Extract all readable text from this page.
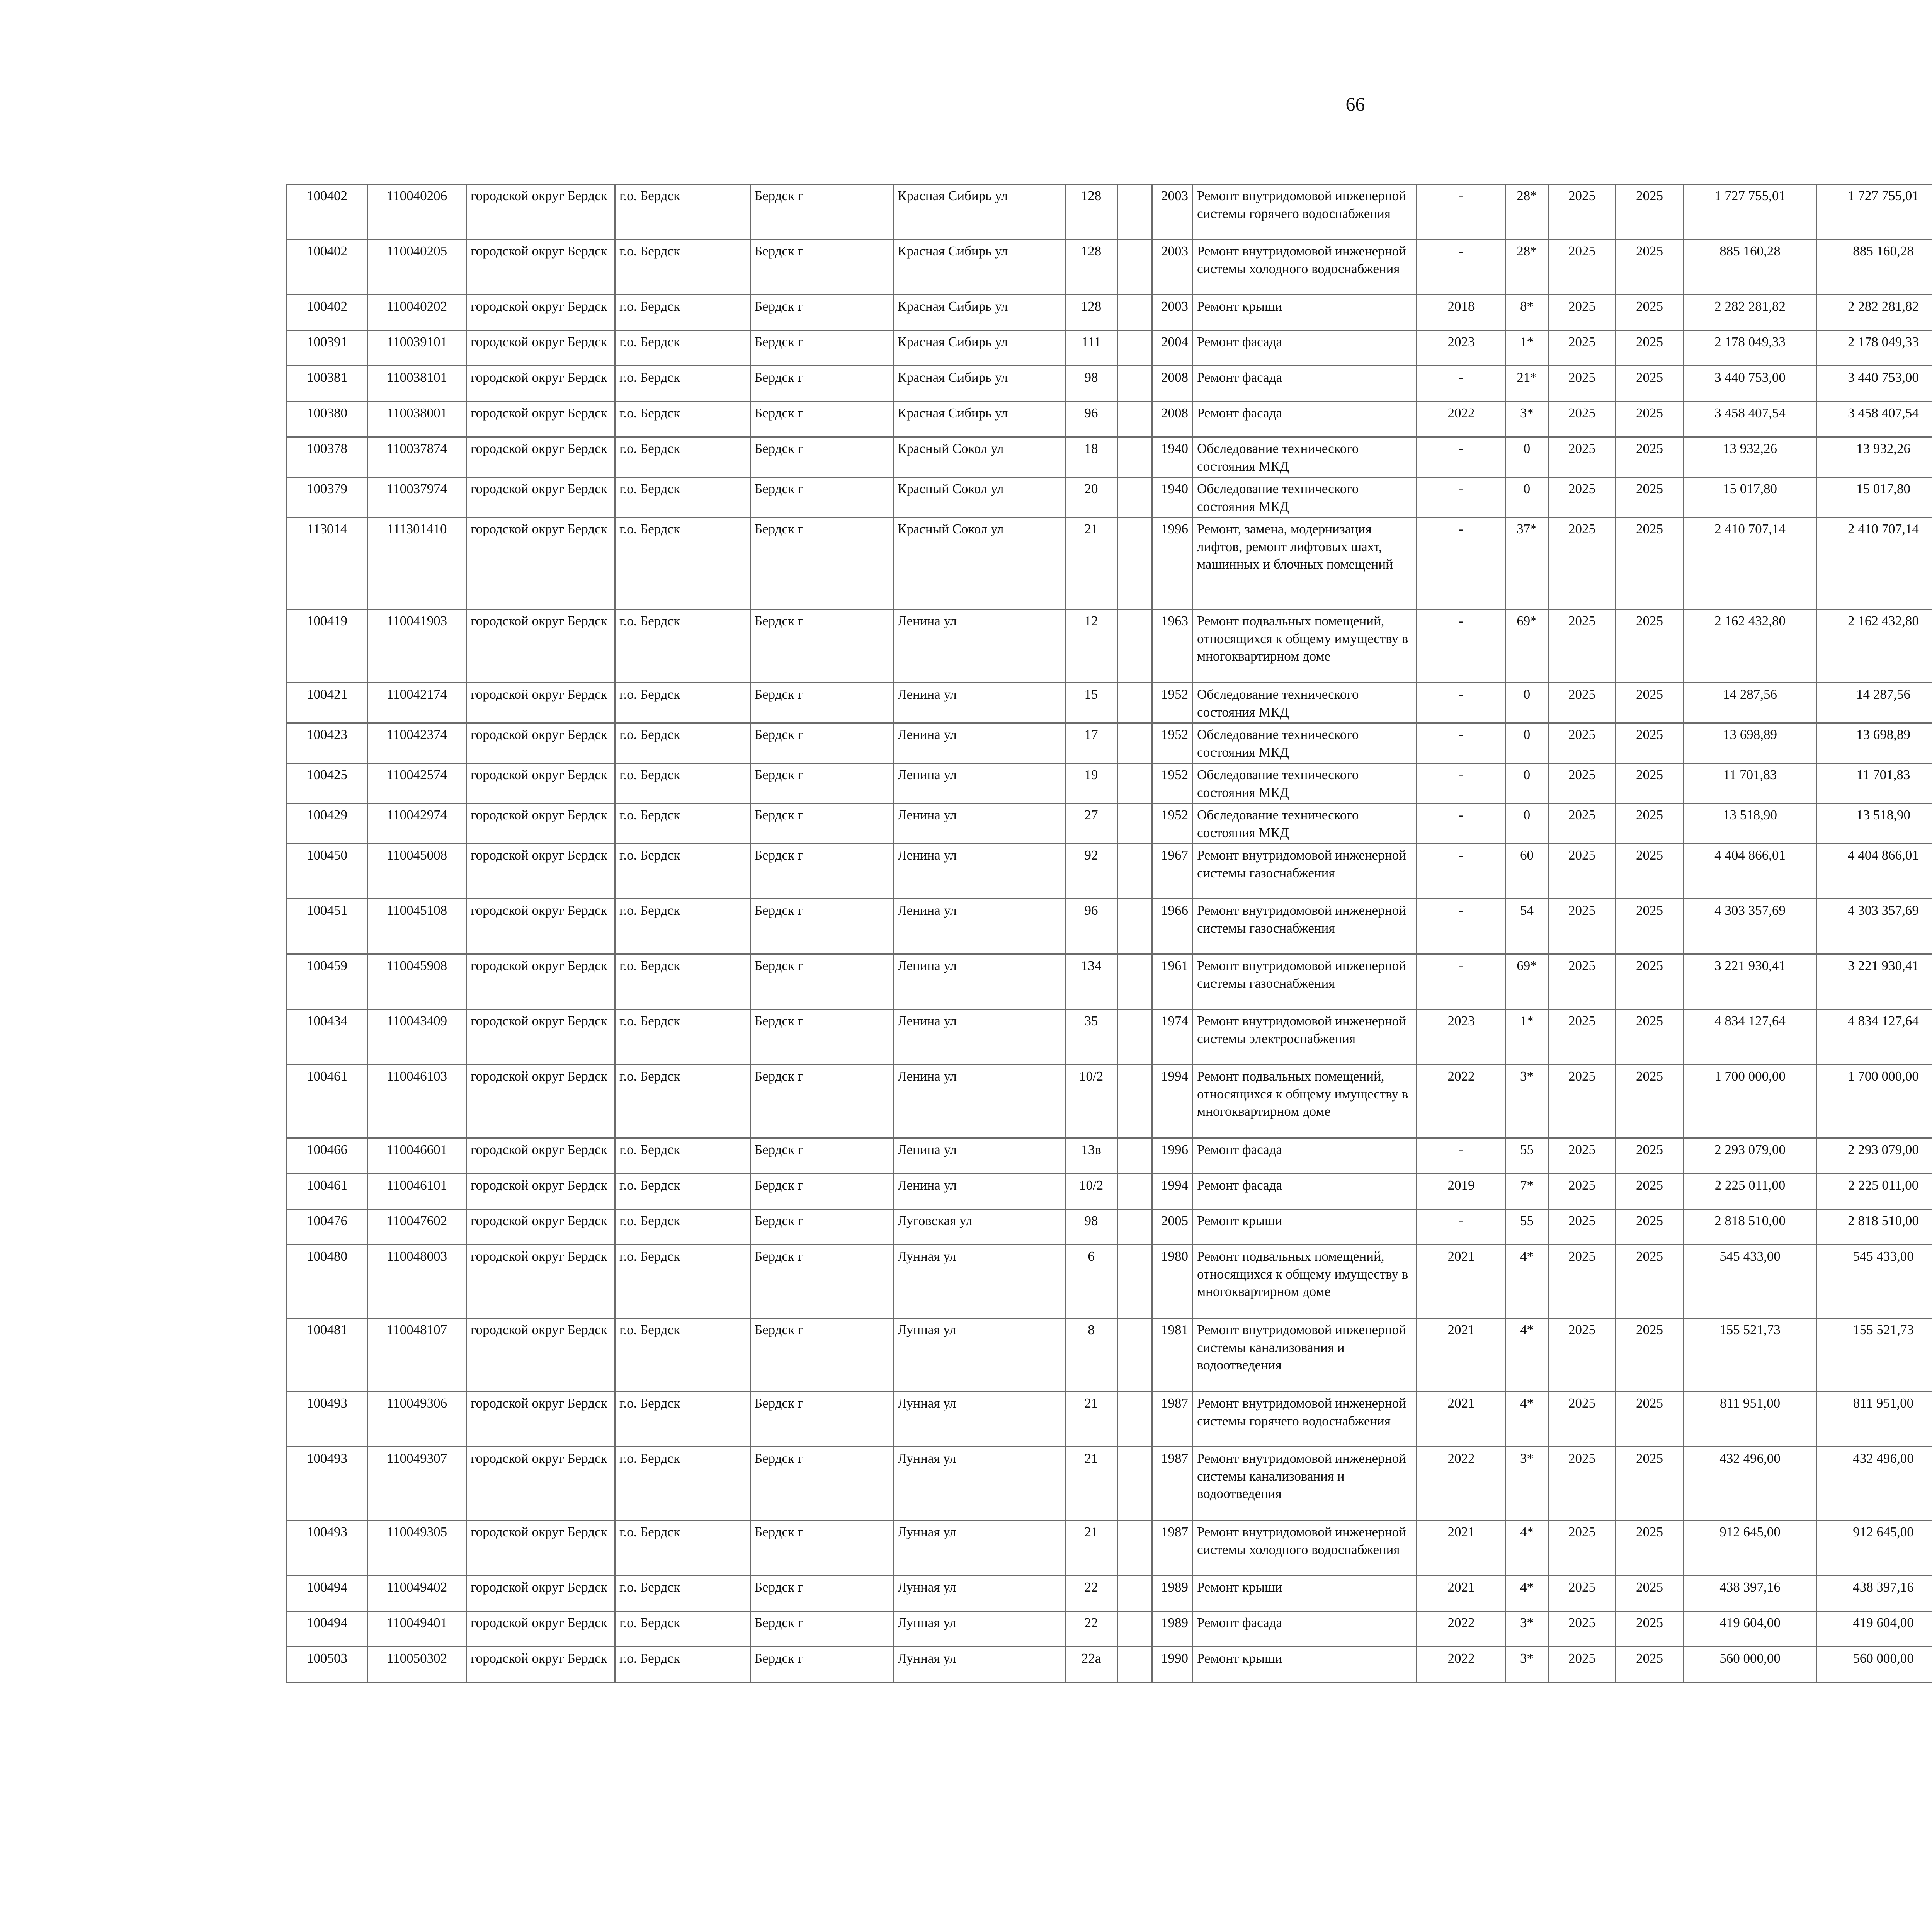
66
100402	110040206	городской округ Бердск	г.о. Бердск	Бердск г	Красная Сибирь ул	128		2003	Ремонт внутридомовой инженерной системы горячего водоснабжения	-	28*	2025	2025	1 727 755,01	1 727 755,01						
100402	110040205	городской округ Бердск	г.о. Бердск	Бердск г	Красная Сибирь ул	128		2003	Ремонт внутридомовой инженерной системы холодного водоснабжения	-	28*	2025	2025	885 160,28	885 160,28						
100402	110040202	городской округ Бердск	г.о. Бердск	Бердск г	Красная Сибирь ул	128		2003	Ремонт крыши	2018	8*	2025	2025	2 282 281,82	2 282 281,82						
100391	110039101	городской округ Бердск	г.о. Бердск	Бердск г	Красная Сибирь ул	111		2004	Ремонт фасада	2023	1*	2025	2025	2 178 049,33	2 178 049,33						
100381	110038101	городской округ Бердск	г.о. Бердск	Бердск г	Красная Сибирь ул	98		2008	Ремонт фасада	-	21*	2025	2025	3 440 753,00	3 440 753,00						
100380	110038001	городской округ Бердск	г.о. Бердск	Бердск г	Красная Сибирь ул	96		2008	Ремонт фасада	2022	3*	2025	2025	3 458 407,54	3 458 407,54						
100378	110037874	городской округ Бердск	г.о. Бердск	Бердск г	Красный Сокол ул	18		1940	Обследование технического состояния МКД	-	0	2025	2025	13 932,26	13 932,26						
100379	110037974	городской округ Бердск	г.о. Бердск	Бердск г	Красный Сокол ул	20		1940	Обследование технического состояния МКД	-	0	2025	2025	15 017,80	15 017,80						
113014	111301410	городской округ Бердск	г.о. Бердск	Бердск г	Красный Сокол ул	21		1996	Ремонт, замена, модернизация лифтов, ремонт лифтовых шахт, машинных и блочных помещений	-	37*	2025	2025	2 410 707,14	2 410 707,14						
100419	110041903	городской округ Бердск	г.о. Бердск	Бердск г	Ленина ул	12		1963	Ремонт подвальных помещений, относящихся к общему имуществу в многоквартирном доме	-	69*	2025	2025	2 162 432,80	2 162 432,80						
100421	110042174	городской округ Бердск	г.о. Бердск	Бердск г	Ленина ул	15		1952	Обследование технического состояния МКД	-	0	2025	2025	14 287,56	14 287,56						
100423	110042374	городской округ Бердск	г.о. Бердск	Бердск г	Ленина ул	17		1952	Обследование технического состояния МКД	-	0	2025	2025	13 698,89	13 698,89						
100425	110042574	городской округ Бердск	г.о. Бердск	Бердск г	Ленина ул	19		1952	Обследование технического состояния МКД	-	0	2025	2025	11 701,83	11 701,83						
100429	110042974	городской округ Бердск	г.о. Бердск	Бердск г	Ленина ул	27		1952	Обследование технического состояния МКД	-	0	2025	2025	13 518,90	13 518,90						
100450	110045008	городской округ Бердск	г.о. Бердск	Бердск г	Ленина ул	92		1967	Ремонт внутридомовой инженерной системы газоснабжения	-	60	2025	2025	4 404 866,01	4 404 866,01						
100451	110045108	городской округ Бердск	г.о. Бердск	Бердск г	Ленина ул	96		1966	Ремонт внутридомовой инженерной системы газоснабжения	-	54	2025	2025	4 303 357,69	4 303 357,69						
100459	110045908	городской округ Бердск	г.о. Бердск	Бердск г	Ленина ул	134		1961	Ремонт внутридомовой инженерной системы газоснабжения	-	69*	2025	2025	3 221 930,41	3 221 930,41						
100434	110043409	городской округ Бердск	г.о. Бердск	Бердск г	Ленина ул	35		1974	Ремонт внутридомовой инженерной системы электроснабжения	2023	1*	2025	2025	4 834 127,64	4 834 127,64						
100461	110046103	городской округ Бердск	г.о. Бердск	Бердск г	Ленина ул	10/2		1994	Ремонт подвальных помещений, относящихся к общему имуществу в многоквартирном доме	2022	3*	2025	2025	1 700 000,00	1 700 000,00						
100466	110046601	городской округ Бердск	г.о. Бердск	Бердск г	Ленина ул	13в		1996	Ремонт фасада	-	55	2025	2025	2 293 079,00	2 293 079,00						
100461	110046101	городской округ Бердск	г.о. Бердск	Бердск г	Ленина ул	10/2		1994	Ремонт фасада	2019	7*	2025	2025	2 225 011,00	2 225 011,00						
100476	110047602	городской округ Бердск	г.о. Бердск	Бердск г	Луговская ул	98		2005	Ремонт крыши	-	55	2025	2025	2 818 510,00	2 818 510,00						
100480	110048003	городской округ Бердск	г.о. Бердск	Бердск г	Лунная ул	6		1980	Ремонт подвальных помещений, относящихся к общему имуществу в многоквартирном доме	2021	4*	2025	2025	545 433,00	545 433,00						
100481	110048107	городской округ Бердск	г.о. Бердск	Бердск г	Лунная ул	8		1981	Ремонт внутридомовой инженерной системы канализования и водоотведения	2021	4*	2025	2025	155 521,73	155 521,73						
100493	110049306	городской округ Бердск	г.о. Бердск	Бердск г	Лунная ул	21		1987	Ремонт внутридомовой инженерной системы горячего водоснабжения	2021	4*	2025	2025	811 951,00	811 951,00						
100493	110049307	городской округ Бердск	г.о. Бердск	Бердск г	Лунная ул	21		1987	Ремонт внутридомовой инженерной системы канализования и водоотведения	2022	3*	2025	2025	432 496,00	432 496,00						
100493	110049305	городской округ Бердск	г.о. Бердск	Бердск г	Лунная ул	21		1987	Ремонт внутридомовой инженерной системы холодного водоснабжения	2021	4*	2025	2025	912 645,00	912 645,00						
100494	110049402	городской округ Бердск	г.о. Бердск	Бердск г	Лунная ул	22		1989	Ремонт крыши	2021	4*	2025	2025	438 397,16	438 397,16						
100494	110049401	городской округ Бердск	г.о. Бердск	Бердск г	Лунная ул	22		1989	Ремонт фасада	2022	3*	2025	2025	419 604,00	419 604,00						
100503	110050302	городской округ Бердск	г.о. Бердск	Бердск г	Лунная ул	22а		1990	Ремонт крыши	2022	3*	2025	2025	560 000,00	560 000,00						
